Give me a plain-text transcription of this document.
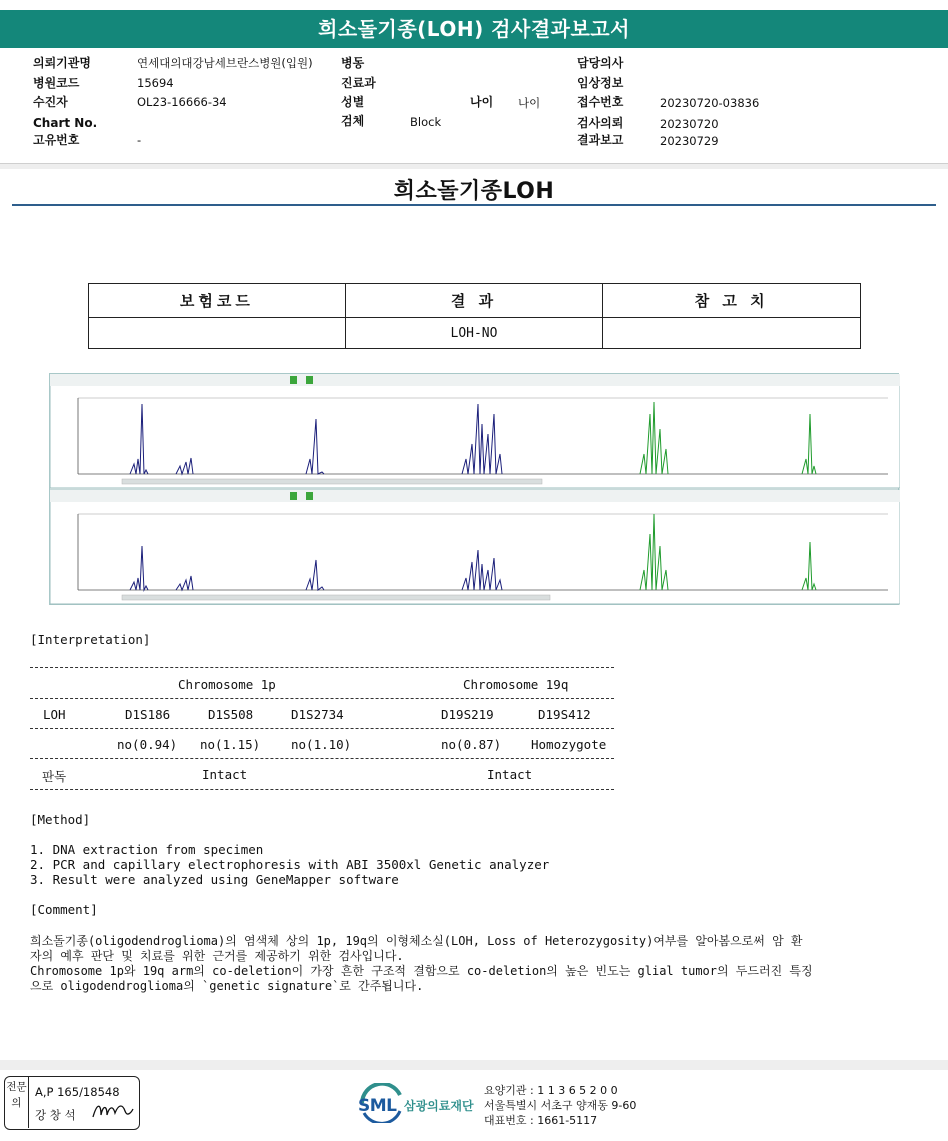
희소돌기종(LOH) 검사결과보고서
의뢰기관명	연세대의대강남세브란스병원(입원)
병원코드	15694
수진자	OL23-16666-34
Chart No.
고유번호	-
병동
진료과
성별
검체	Block
나이 나이
담당의사
임상정보
접수번호	20230720-03836
검사의뢰	20230720
결과보고	20230729
희소돌기종LOH
보험코드	결 과	참 고 치
	LOH-NO	
[Interpretation]
Chromosome 1p	Chromosome 19q
LOH	D1S186	D1S508	D1S2734	D19S219	D19S412
no(0.94) no(1.15) no(1.10)	no(0.87) Homozygote
판독	Intact	Intact
[Method]
1. DNA extraction from specimen
2. PCR and capillary electrophoresis with ABI 3500xl Genetic analyzer
3. Result were analyzed using GeneMapper software
[Comment]
희소돌기종(oligodendroglioma)의 염색체 상의 1p, 19q의 이형체소실(LOH, Loss of Heterozygosity)여부를 알아봄으로써 암 환
자의 예후 판단 및 치료를 위한 근거를 제공하기 위한 검사입니다.
Chromosome 1p와 19q arm의 co-deletion이 가장 흔한 구조적 결함으로 co-deletion의 높은 빈도는 glial tumor의 두드러진 특징
으로 oligodendroglioma의 `genetic signature`로 간주됩니다.
전문의
A,P 165/18548
강 창 석	SML 삼광의료재단
요양기관 : 1 1 3 6 5 2 0 0
서울특별시 서초구 양재동 9-60
대표번호 : 1661-5117
